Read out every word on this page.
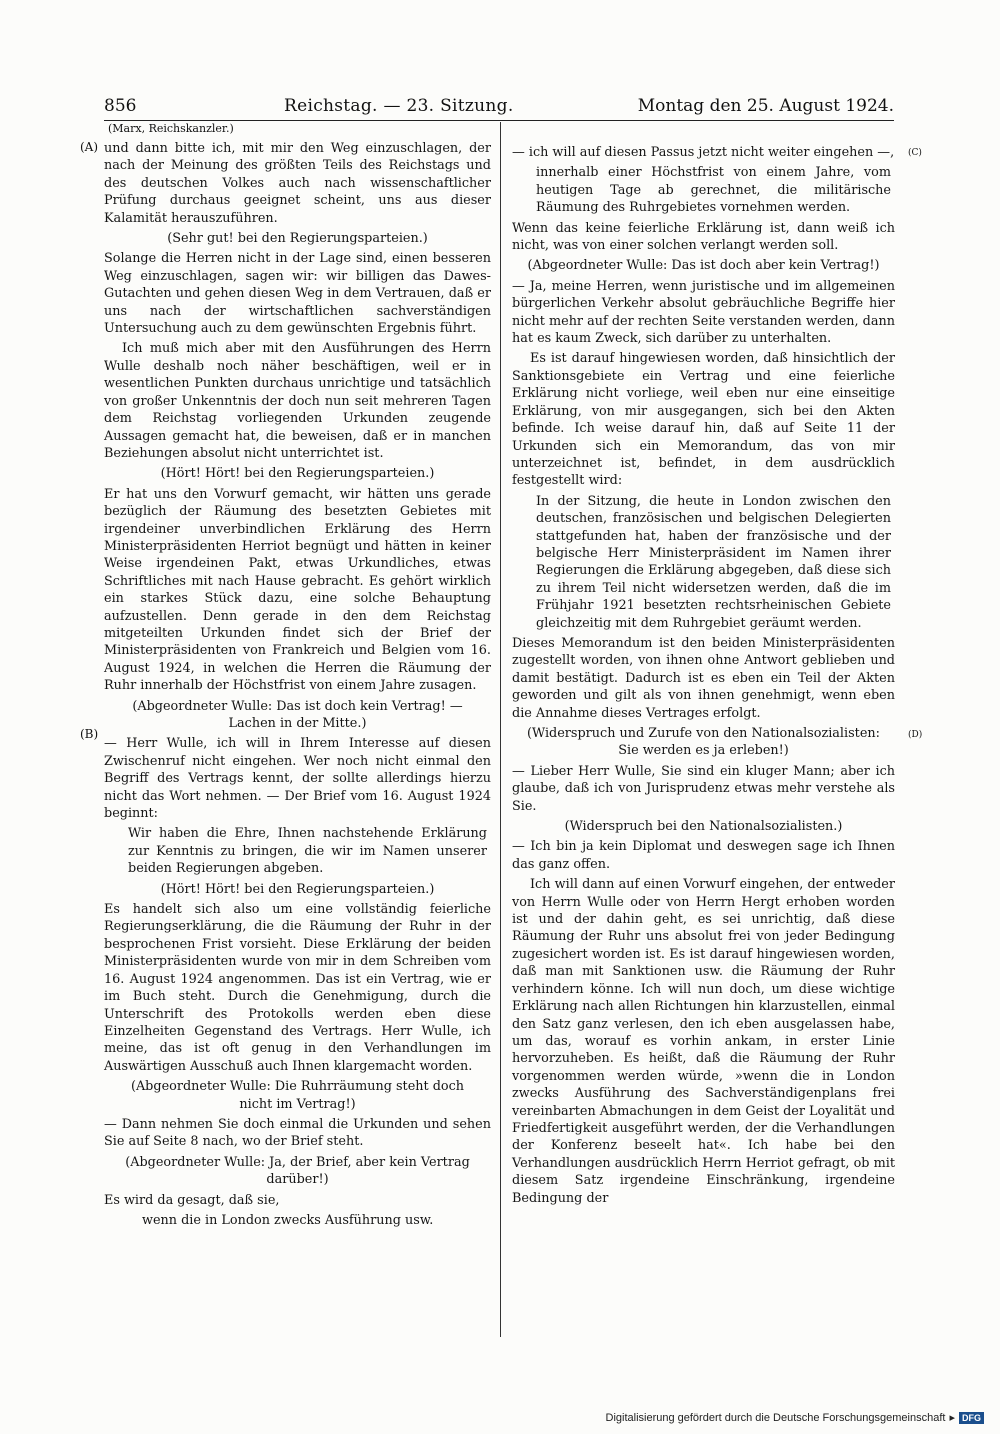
856	Reichstag. — 23. Sitzung.	Montag den 25. August 1924.
(Marx, Reichskanzler.)
(A)
(B)
(C)
(D)

und dann bitte ich, mit mir den Weg einzuschlagen, der nach der Meinung des größten Teils des Reichstags und des deutschen Volkes auch nach wissenschaftlicher Prüfung durchaus geeignet scheint, uns aus dieser Kalamität herauszuführen.

(Sehr gut! bei den Regierungsparteien.)

Solange die Herren nicht in der Lage sind, einen besseren Weg einzuschlagen, sagen wir: wir billigen das Dawes-Gutachten und gehen diesen Weg in dem Vertrauen, daß er uns nach der wirtschaftlichen sachverständigen Untersuchung auch zu dem gewünschten Ergebnis führt.

Ich muß mich aber mit den Ausführungen des Herrn Wulle deshalb noch näher beschäftigen, weil er in wesentlichen Punkten durchaus unrichtige und tatsächlich von großer Unkenntnis der doch nun seit mehreren Tagen dem Reichstag vorliegenden Urkunden zeugende Aussagen gemacht hat, die beweisen, daß er in manchen Beziehungen absolut nicht unterrichtet ist.

(Hört! Hört! bei den Regierungsparteien.)

Er hat uns den Vorwurf gemacht, wir hätten uns gerade bezüglich der Räumung des besetzten Gebietes mit irgendeiner unverbindlichen Erklärung des Herrn Ministerpräsidenten Herriot begnügt und hätten in keiner Weise irgendeinen Pakt, etwas Urkundliches, etwas Schriftliches mit nach Hause gebracht. Es gehört wirklich ein starkes Stück dazu, eine solche Behauptung aufzustellen. Denn gerade in den dem Reichstag mitgeteilten Urkunden findet sich der Brief der Ministerpräsidenten von Frankreich und Belgien vom 16. August 1924, in welchen die Herren die Räumung der Ruhr innerhalb der Höchstfrist von einem Jahre zusagen.

(Abgeordneter Wulle: Das ist doch kein Vertrag! — Lachen in der Mitte.)

— Herr Wulle, ich will in Ihrem Interesse auf diesen Zwischenruf nicht eingehen. Wer noch nicht einmal den Begriff des Vertrags kennt, der sollte allerdings hierzu nicht das Wort nehmen. — Der Brief vom 16. August 1924 beginnt:

Wir haben die Ehre, Ihnen nachstehende Erklärung zur Kenntnis zu bringen, die wir im Namen unserer beiden Regierungen abgeben.

(Hört! Hört! bei den Regierungsparteien.)

Es handelt sich also um eine vollständig feierliche Regierungserklärung, die die Räumung der Ruhr in der besprochenen Frist vorsieht. Diese Erklärung der beiden Ministerpräsidenten wurde von mir in dem Schreiben vom 16. August 1924 angenommen. Das ist ein Vertrag, wie er im Buch steht. Durch die Genehmigung, durch die Unterschrift des Protokolls werden eben diese Einzelheiten Gegenstand des Vertrags. Herr Wulle, ich meine, das ist oft genug in den Verhandlungen im Auswärtigen Ausschuß auch Ihnen klargemacht worden.

(Abgeordneter Wulle: Die Ruhrräumung steht doch nicht im Vertrag!)

— Dann nehmen Sie doch einmal die Urkunden und sehen Sie auf Seite 8 nach, wo der Brief steht.

(Abgeordneter Wulle: Ja, der Brief, aber kein Vertrag darüber!)

Es wird da gesagt, daß sie,

wenn die in London zwecks Ausführung usw.

— ich will auf diesen Passus jetzt nicht weiter eingehen —,

innerhalb einer Höchstfrist von einem Jahre, vom heutigen Tage ab gerechnet, die militärische Räumung des Ruhrgebietes vornehmen werden.

Wenn das keine feierliche Erklärung ist, dann weiß ich nicht, was von einer solchen verlangt werden soll.

(Abgeordneter Wulle: Das ist doch aber kein Vertrag!)

— Ja, meine Herren, wenn juristische und im allgemeinen bürgerlichen Verkehr absolut gebräuchliche Begriffe hier nicht mehr auf der rechten Seite verstanden werden, dann hat es kaum Zweck, sich darüber zu unterhalten.

Es ist darauf hingewiesen worden, daß hinsichtlich der Sanktionsgebiete ein Vertrag und eine feierliche Erklärung nicht vorliege, weil eben nur eine einseitige Erklärung, von mir ausgegangen, sich bei den Akten befinde. Ich weise darauf hin, daß auf Seite 11 der Urkunden sich ein Memorandum, das von mir unterzeichnet ist, befindet, in dem ausdrücklich festgestellt wird:

In der Sitzung, die heute in London zwischen den deutschen, französischen und belgischen Delegierten stattgefunden hat, haben der französische und der belgische Herr Ministerpräsident im Namen ihrer Regierungen die Erklärung abgegeben, daß diese sich zu ihrem Teil nicht widersetzen werden, daß die im Frühjahr 1921 besetzten rechtsrheinischen Gebiete gleichzeitig mit dem Ruhrgebiet geräumt werden.

Dieses Memorandum ist den beiden Ministerpräsidenten zugestellt worden, von ihnen ohne Antwort geblieben und damit bestätigt. Dadurch ist es eben ein Teil der Akten geworden und gilt als von ihnen genehmigt, wenn eben die Annahme dieses Vertrages erfolgt.

(Widerspruch und Zurufe von den Nationalsozialisten: Sie werden es ja erleben!)

— Lieber Herr Wulle, Sie sind ein kluger Mann; aber ich glaube, daß ich von Jurisprudenz etwas mehr verstehe als Sie.

(Widerspruch bei den Nationalsozialisten.)

— Ich bin ja kein Diplomat und deswegen sage ich Ihnen das ganz offen.

Ich will dann auf einen Vorwurf eingehen, der entweder von Herrn Wulle oder von Herrn Hergt erhoben worden ist und der dahin geht, es sei unrichtig, daß diese Räumung der Ruhr uns absolut frei von jeder Bedingung zugesichert worden ist. Es ist darauf hingewiesen worden, daß man mit Sanktionen usw. die Räumung der Ruhr verhindern könne. Ich will nun doch, um diese wichtige Erklärung nach allen Richtungen hin klarzustellen, einmal den Satz ganz verlesen, den ich eben ausgelassen habe, um das, worauf es vorhin ankam, in erster Linie hervorzuheben. Es heißt, daß die Räumung der Ruhr vorgenommen werden würde, »wenn die in London zwecks Ausführung des Sachverständigenplans frei vereinbarten Abmachungen in dem Geist der Loyalität und Friedfertigkeit ausgeführt werden, der die Verhandlungen der Konferenz beseelt hat«. Ich habe bei den Verhandlungen ausdrücklich Herrn Herriot gefragt, ob mit diesem Satz irgendeine Einschränkung, irgendeine Bedingung der

Digitalisierung gefördert durch die Deutsche Forschungsgemeinschaft ▸ DFG
